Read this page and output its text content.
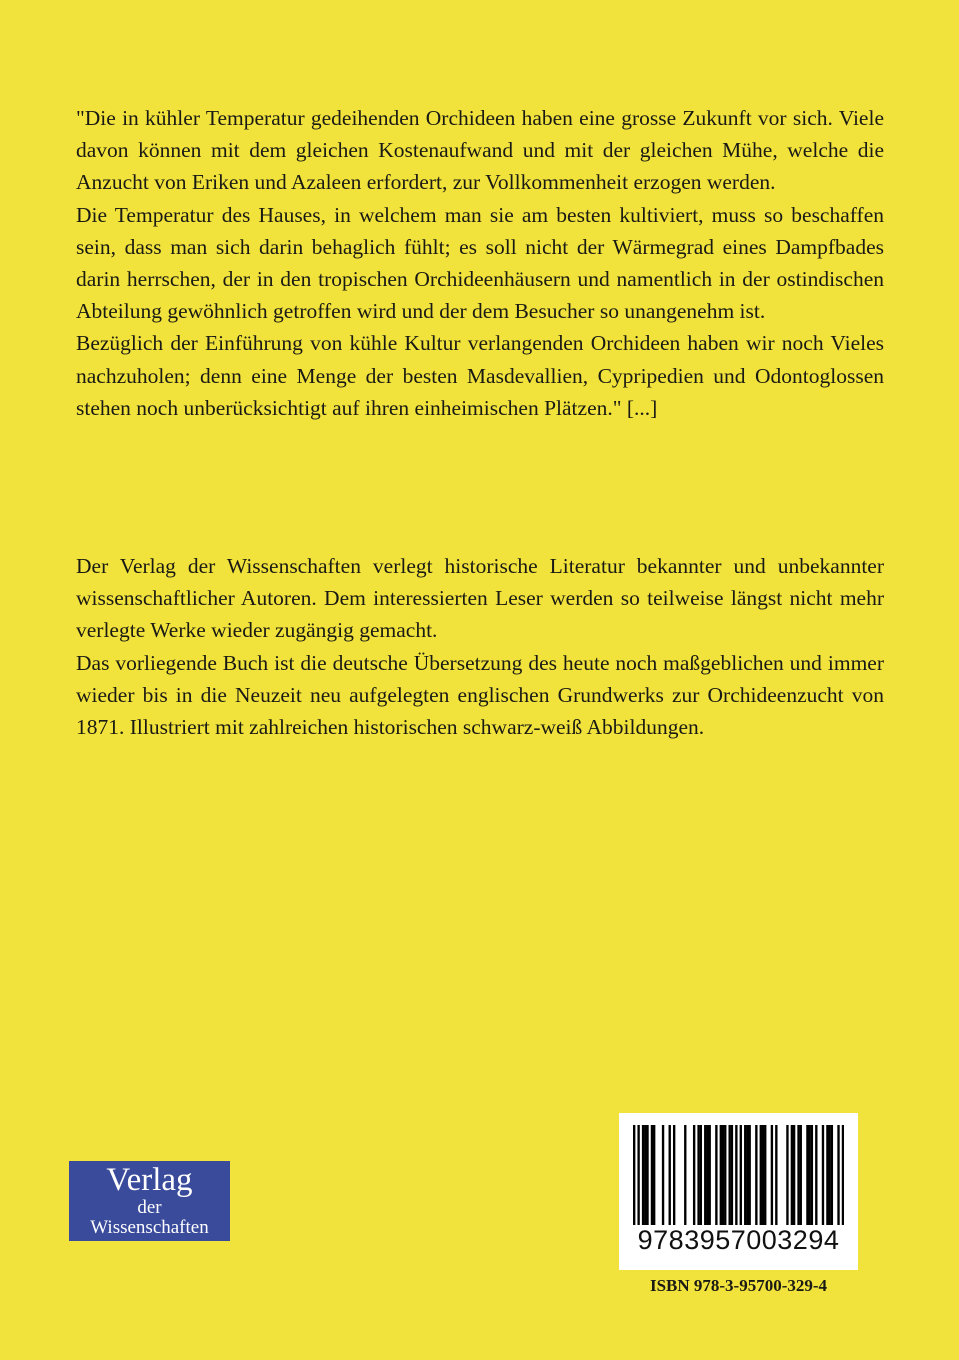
"Die in kühler Temperatur gedeihenden Orchideen haben eine grosse Zukunft vor sich. Viele davon können mit dem gleichen Kostenaufwand und mit der gleichen Mühe, welche die Anzucht von Eriken und Azaleen erfordert, zur Vollkommenheit erzogen werden.

Die Temperatur des Hauses, in welchem man sie am besten kultiviert, muss so beschaffen sein, dass man sich darin behaglich fühlt; es soll nicht der Wärmegrad eines Dampfbades darin herrschen, der in den tropischen Orchideenhäusern und namentlich in der ostindischen Abteilung gewöhnlich getroffen wird und der dem Besucher so unangenehm ist.

Bezüglich der Einführung von kühle Kultur verlangenden Orchideen haben wir noch Vieles nachzuholen; denn eine Menge der besten Masdevallien, Cypripedien und Odontoglossen stehen noch unberücksichtigt auf ihren einheimischen Plätzen." [...]

Der Verlag der Wissenschaften verlegt historische Literatur bekannter und unbekannter wissenschaftlicher Autoren. Dem interessierten Leser werden so teilweise längst nicht mehr verlegte Werke wieder zugängig gemacht.

Das vorliegende Buch ist die deutsche Übersetzung des heute noch maßgeblichen und immer wieder bis in die Neuzeit neu aufgelegten englischen Grundwerks zur Orchideenzucht von 1871. Illustriert mit zahlreichen historischen schwarz-weiß Abbildungen.

Verlag
der
Wissenschaften	9783957003294
ISBN 978-3-95700-329-4
